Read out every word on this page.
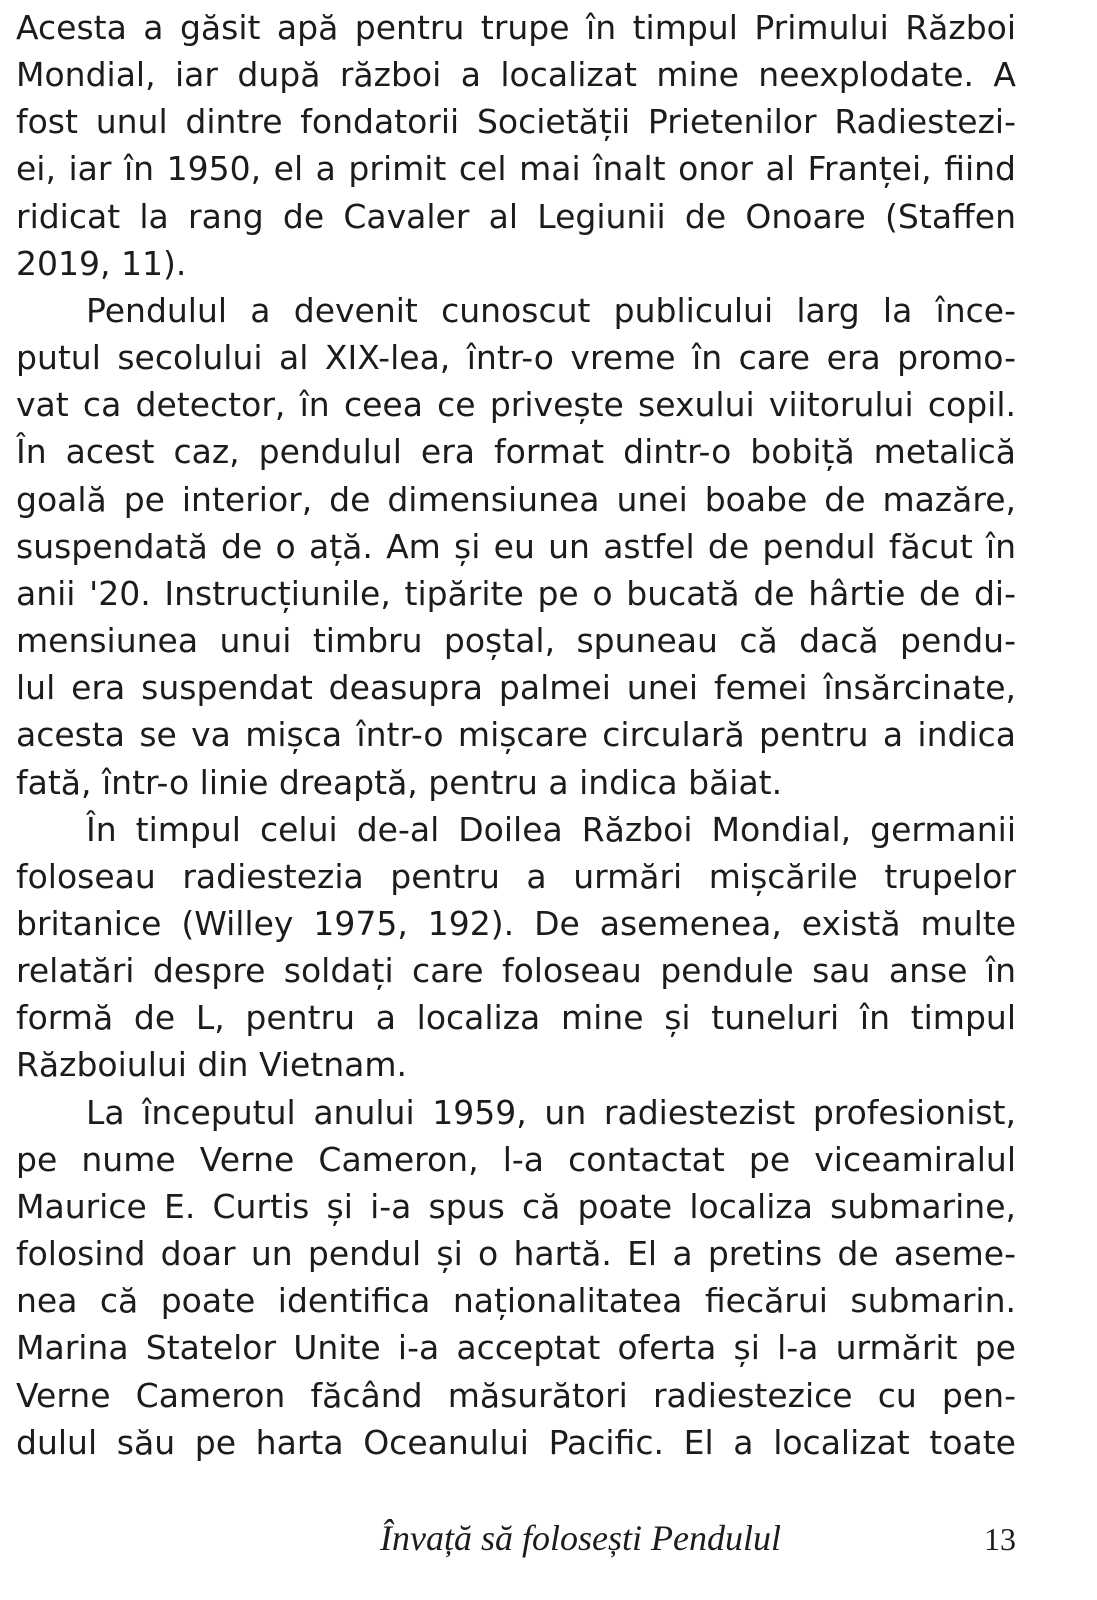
Acesta a găsit apă pentru trupe în timpul Primului Război
Mondial, iar după război a localizat mine neexplodate. A
fost unul dintre fondatorii Societății Prietenilor Radiestezi-
ei, iar în 1950, el a primit cel mai înalt onor al Franței, fiind
ridicat la rang de Cavaler al Legiunii de Onoare (Staffen
2019, 11).
Pendulul a devenit cunoscut publicului larg la înce-
putul secolului al XIX-lea, într-o vreme în care era promo-
vat ca detector, în ceea ce privește sexului viitorului copil.
În acest caz, pendulul era format dintr-o bobiță metalică
goală pe interior, de dimensiunea unei boabe de mazăre,
suspendată de o ață. Am și eu un astfel de pendul făcut în
anii '20. Instrucțiunile, tipărite pe o bucată de hârtie de di-
mensiunea unui timbru poștal, spuneau că dacă pendu-
lul era suspendat deasupra palmei unei femei însărcinate,
acesta se va mișca într-o mișcare circulară pentru a indica
fată, într-o linie dreaptă, pentru a indica băiat.
În timpul celui de-al Doilea Război Mondial, germanii
foloseau radiestezia pentru a urmări mișcările trupelor
britanice (Willey 1975, 192). De asemenea, există multe
relatări despre soldați care foloseau pendule sau anse în
formă de L, pentru a localiza mine și tuneluri în timpul
Războiului din Vietnam.
La începutul anului 1959, un radiestezist profesionist,
pe nume Verne Cameron, l-a contactat pe viceamiralul
Maurice E. Curtis și i-a spus că poate localiza submarine,
folosind doar un pendul și o hartă. El a pretins de aseme-
nea că poate identifica naționalitatea fiecărui submarin.
Marina Statelor Unite i-a acceptat oferta și l-a urmărit pe
Verne Cameron făcând măsurători radiestezice cu pen-
dulul său pe harta Oceanului Pacific. El a localizat toate
Învață să folosești Pendulul	13
